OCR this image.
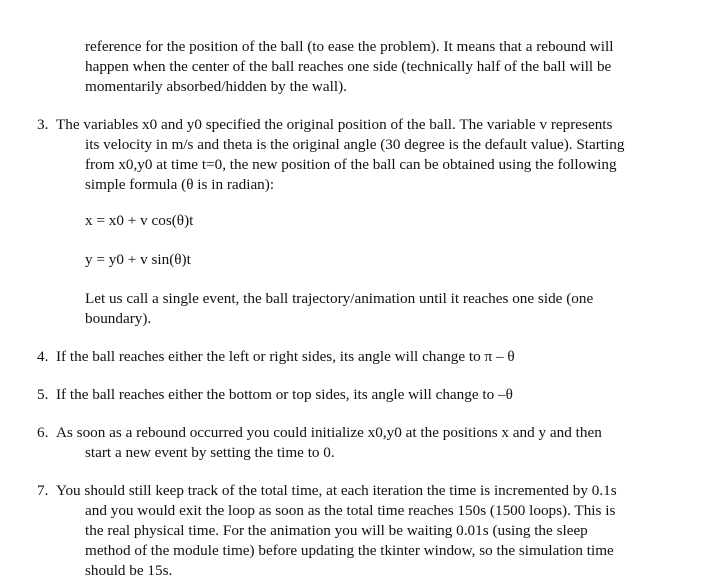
reference for the position of the ball (to ease the problem). It means that a rebound will happen when the center of the ball reaches one side (technically half of the ball will be momentarily absorbed/hidden by the wall).

3. The variables x0 and y0 specified the original position of the ball. The variable v represents its velocity in m/s and theta is the original angle (30 degree is the default value). Starting from x0,y0 at time t=0, the new position of the ball can be obtained using the following simple formula (θ is in radian):

x = x0 + v cos(θ)t

y = y0 + v sin(θ)t

Let us call a single event, the ball trajectory/animation until it reaches one side (one boundary).

4. If the ball reaches either the left or right sides, its angle will change to π – θ

5. If the ball reaches either the bottom or top sides, its angle will change to –θ

6. As soon as a rebound occurred you could initialize x0,y0 at the positions x and y and then start a new event by setting the time to 0.

7. You should still keep track of the total time, at each iteration the time is incremented by 0.1s and you would exit the loop as soon as the total time reaches 150s (1500 loops). This is the real physical time. For the animation you will be waiting 0.01s (using the sleep method of the module time) before updating the tkinter window, so the simulation time should be 15s.
